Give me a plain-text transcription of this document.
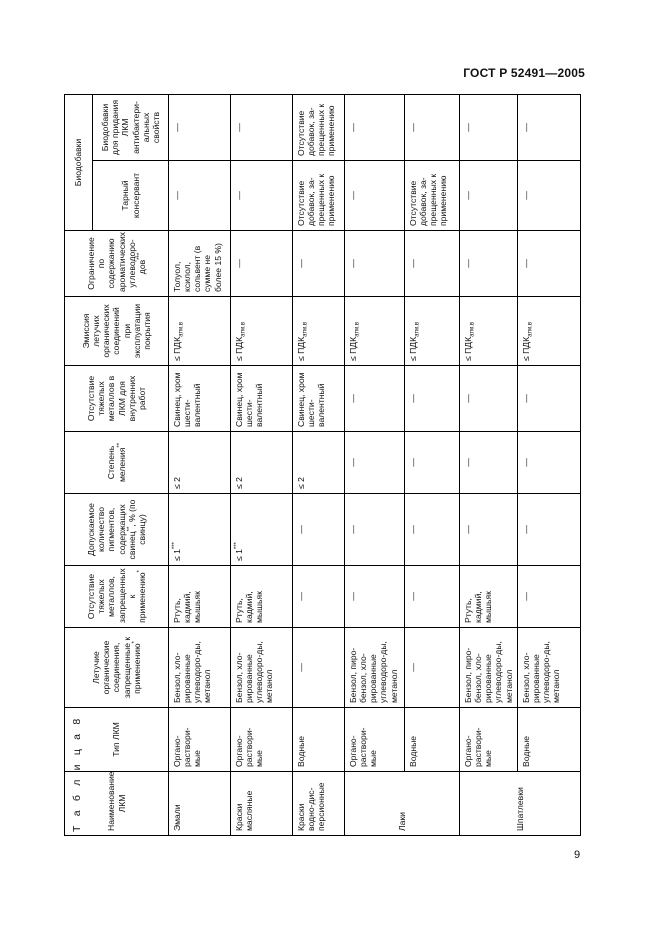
ГОСТ Р 52491—2005
Т а б л и ц а 8	Наименование ЛКМ	Тип ЛКМ	Летучие органические соединения, запрещенные к применению*	Отсутствие тяжелых металлов, запрещенных к применению*	Допускаемое количество пигментов, содержащих свинец**, % (по свинцу)	Степень меления**	Отсутствие тяжелых металлов в ЛКМ для внутренних работ	Эмиссия летучих органических соединений при эксплуатации покрытия	Ограничение по содержанию ароматических углеводоро-дов***	Биодобавки	
									Тарный консервант	Биодобавки для придания ЛКМ антибактери-альных свойств
Эмали	Органо-раствори-мые	Бензол, хло-рированные углеводоро-ды, метанол	Ртуть, кадмий, мышьяк	≤ 1***	≤ 2	Свинец, хром шести-валентный	≤ $ПДК_{атм.в}$	Толуол, ксилол, сольвент (в сумме не более 15 %)	—	—
Краски масляные	Органо-раствори-мые	Бензол, хло-рированные углеводоро-ды, метанол	Ртуть, кадмий, мышьяк	≤ 1***	≤ 2	Свинец, хром шести-валентный	≤ $ПДК_{атм.в}$	—	—	—
Краски водно-дис-персионные	Водные	—	—	—	≤ 2	Свинец, хром шести-валентный	≤ $ПДК_{атм.в}$	—	Отсутствие добавок, за-прещенных к применению	Отсутствие добавок, за-прещенных к применению
Лаки	Органо-раствори-мые	Бензол, пиро-бензол, хло-рированные углеводоро-ды, метанол	—	—	—	—	≤ $ПДК_{атм.в}$	—	—	—
	Водные	—	—	—	—	—	≤ $ПДК_{атм.в}$	—	Отсутствие добавок, за-прещенных к применению	—
Шпатлевки	Органо-раствори-мые	Бензол, пиро-бензол, хло-рированные углеводоро-ды, метанол	Ртуть, кадмий, мышьяк	—	—	—	≤ $ПДК_{атм.в}$	—	—	—
	Водные	Бензол, хло-рированные углеводоро-ды, метанол	—	—	—	—	≤ $ПДК_{атм.в}$	—	—	—
9
